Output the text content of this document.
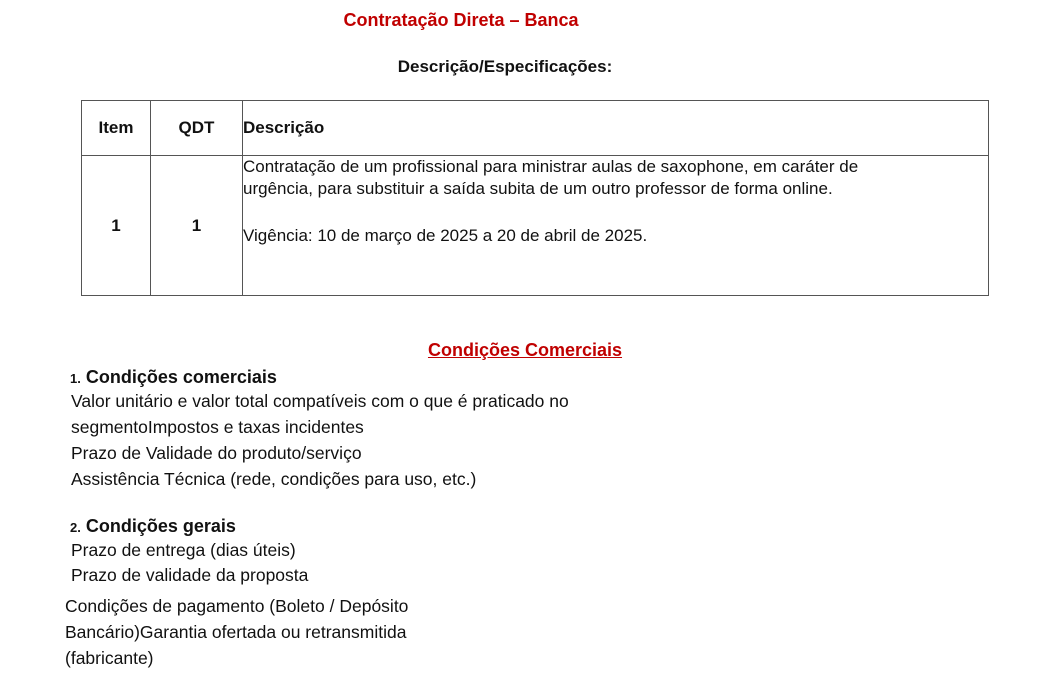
Contratação Direta – Banca
Descrição/Especificações:
Item	QDT	Descrição
1	1	Contratação de um profissional para ministrar aulas de saxophone, em caráter de

urgência, para substituir a saída subita de um outro professor de forma online.

Vigência: 10 de março de 2025 a 20 de abril de 2025.

Condições Comerciais
1. Condições comerciais
Valor unitário e valor total compatíveis com o que é praticado no
segmentoImpostos e taxas incidentes
Prazo de Validade do produto/serviço
Assistência Técnica (rede, condições para uso, etc.)
2. Condições gerais
Prazo de entrega (dias úteis)
Prazo de validade da proposta
Condições de pagamento (Boleto / Depósito
Bancário)Garantia ofertada ou retransmitida
(fabricante)
